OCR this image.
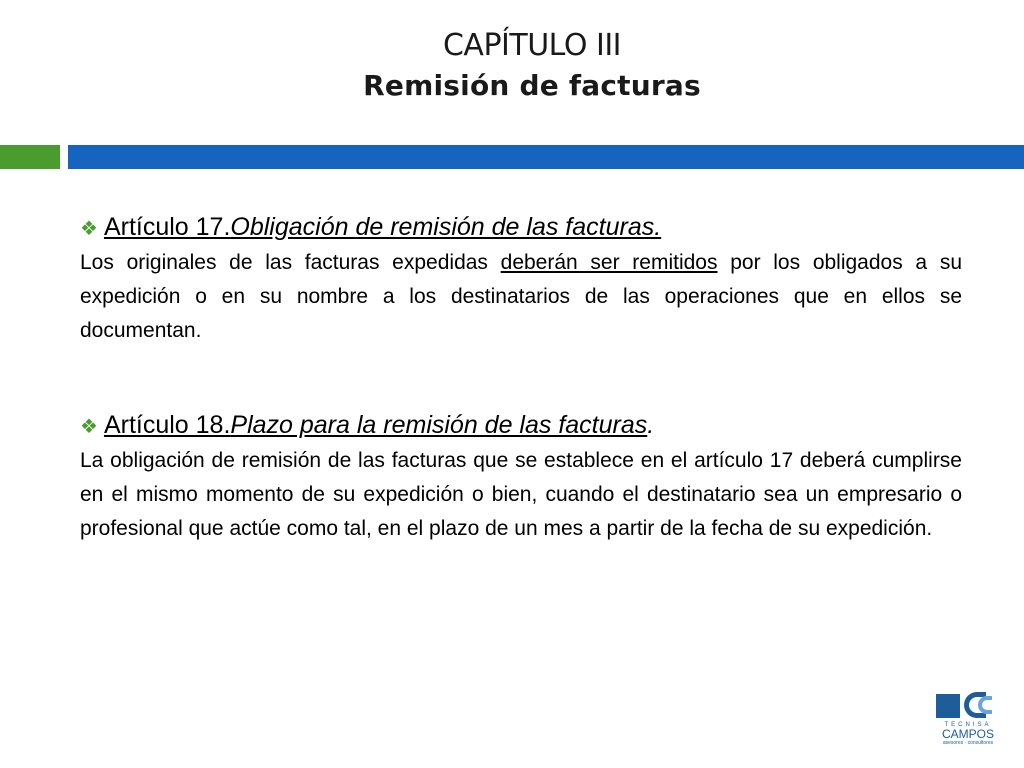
CAPÍTULO III
Remisión de facturas
❖ Artículo 17. Obligación de remisión de las facturas.
Los originales de las facturas expedidas deberán ser remitidos por los obligados a su expedición o en su nombre a los destinatarios de las operaciones que en ellos se documentan.
❖ Artículo 18. Plazo para la remisión de las facturas .
La obligación de remisión de las facturas que se establece en el artículo 17 deberá cumplirse en el mismo momento de su expedición o bien, cuando el destinatario sea un empresario o profesional que actúe como tal, en el plazo de un mes a partir de la fecha de su expedición.
TECNISA
CAMPOS
asesores · consultores
